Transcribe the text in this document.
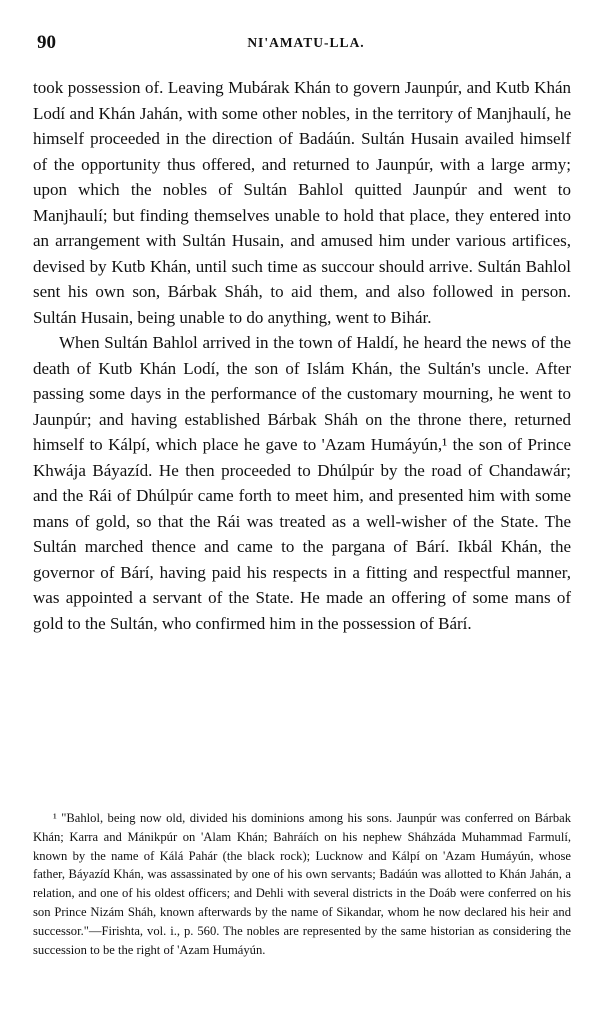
90	NI'AMATU-LLA.

took possession of. Leaving Mubárak Khán to govern Jaunpúr, and Kutb Khán Lodí and Khán Jahán, with some other nobles, in the territory of Manjhaulí, he himself proceeded in the direction of Badáún. Sultán Husain availed himself of the opportunity thus offered, and returned to Jaunpúr, with a large army; upon which the nobles of Sultán Bahlol quitted Jaunpúr and went to Manjhaulí; but finding themselves unable to hold that place, they entered into an arrangement with Sultán Husain, and amused him under various artifices, devised by Kutb Khán, until such time as succour should arrive. Sultán Bahlol sent his own son, Bárbak Sháh, to aid them, and also followed in person. Sultán Husain, being unable to do anything, went to Bihár.

When Sultán Bahlol arrived in the town of Haldí, he heard the news of the death of Kutb Khán Lodí, the son of Islám Khán, the Sultán's uncle. After passing some days in the performance of the customary mourning, he went to Jaunpúr; and having established Bárbak Sháh on the throne there, returned himself to Kálpí, which place he gave to 'Azam Humáyún,¹ the son of Prince Khwája Báyazíd. He then proceeded to Dhúlpúr by the road of Chandawár; and the Rái of Dhúlpúr came forth to meet him, and presented him with some mans of gold, so that the Rái was treated as a well-wisher of the State. The Sultán marched thence and came to the pargana of Bárí. Ikbál Khán, the governor of Bárí, having paid his respects in a fitting and respectful manner, was appointed a servant of the State. He made an offering of some mans of gold to the Sultán, who confirmed him in the possession of Bárí.

¹ "Bahlol, being now old, divided his dominions among his sons. Jaunpúr was conferred on Bárbak Khán; Karra and Mánikpúr on 'Alam Khán; Bahráích on his nephew Sháhzáda Muhammad Farmulí, known by the name of Kálá Pahár (the black rock); Lucknow and Kálpí on 'Azam Humáyún, whose father, Báyazíd Khán, was assassinated by one of his own servants; Badáún was allotted to Khán Jahán, a relation, and one of his oldest officers; and Dehli with several districts in the Doáb were conferred on his son Prince Nizám Sháh, known afterwards by the name of Sikandar, whom he now declared his heir and successor."—Firishta, vol. i., p. 560. The nobles are represented by the same historian as considering the succession to be the right of 'Azam Humáyún.
